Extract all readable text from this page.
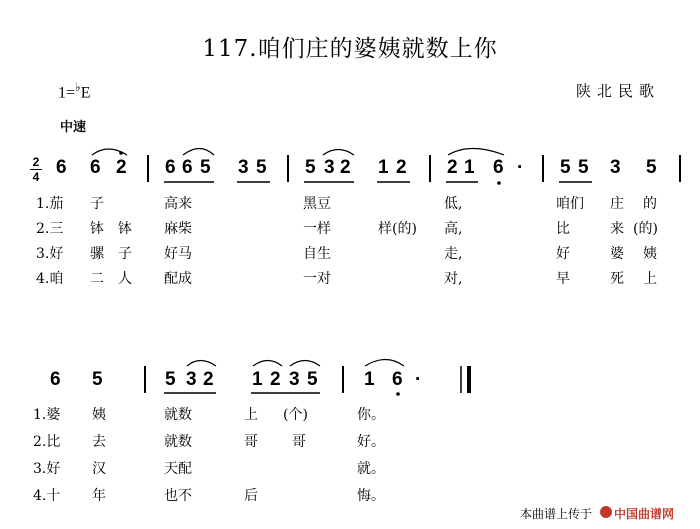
117.咱们庄的婆姨就数上你
1=♭E	陕北民歌
中速
2
4 6 6 2 6 6 5 3 5 5 3 2 1 2 2 1 6 · 5 5 3 5
1.茄 子	高来	黑豆	低,	咱们 庄 的
2.三 钵 钵 麻柴	一样	样(的) 高,	比	来 (的)
3.好 骡 子 好马	自生	走,	好	婆 姨
4.咱 二 人 配成	一对	对,	早	死 上
6 5	5 3 2 1 2 3 5 1 6 ·
1.婆 姨	就数	上 (个)	你。
2.比 去	就数	哥 哥	好。
3.好 汉	天配	就。
4.十 年	也不	后	悔。
本曲谱上传于 中国曲谱网
